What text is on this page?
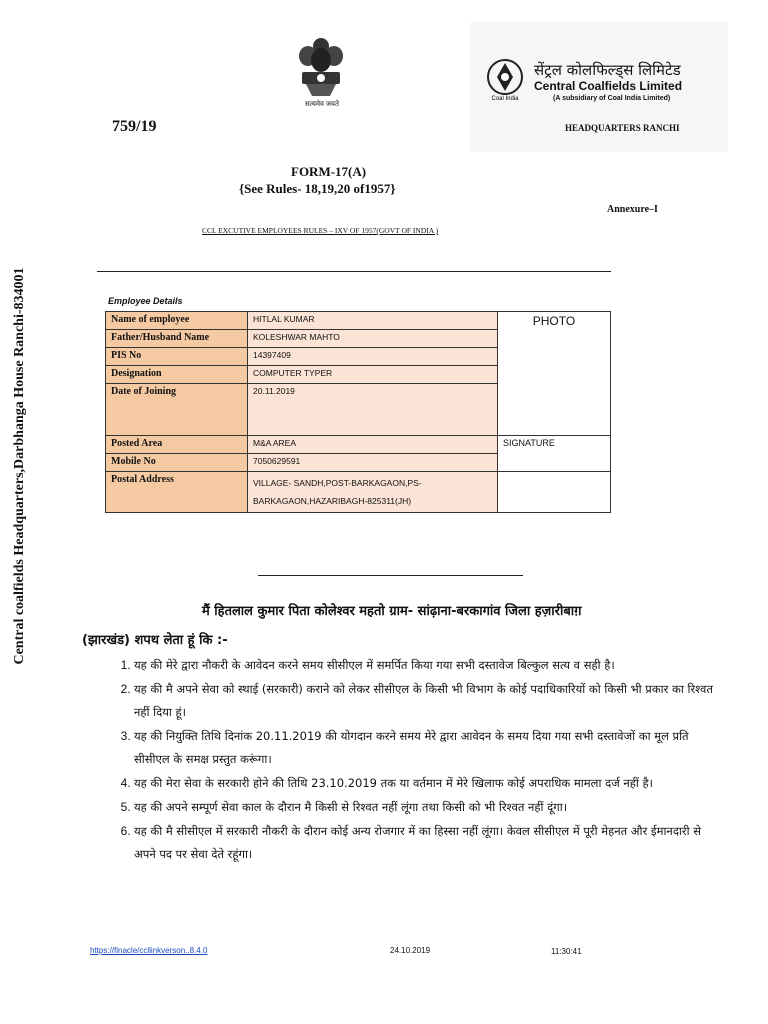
Central coalfields Headquarters,Darbhanga House Ranchi-834001
सत्यमेव जयते
759/19
Coal India
सेंट्रल कोलफिल्ड्स लिमिटेड
Central Coalfields Limited
(A subsidiary of Coal India Limited)
HEADQUARTERS RANCHI
FORM-17(A)
{See Rules- 18,19,20 of1957}
Annexure–I
CCL EXCUTIVE EMPLOYEES RULES – IXV OF 1957(GOVT OF INDIA )
Employee Details
Name of employee	HITLAL KUMAR	PHOTO
Father/Husband Name	KOLESHWAR MAHTO	
PIS No	14397409	
Designation	COMPUTER TYPER	
Date of Joining	20.11.2019	
Posted Area	M&A AREA	SIGNATURE
Mobile No	7050629591	
Postal Address	VILLAGE- SANDH,POST-BARKAGAON,PS- BARKAGAON,HAZARIBAGH-825311(JH)	
मैं हितलाल कुमार पिता कोलेश्वर महतो ग्राम- सांढ़ाना-बरकागांव जिला हज़ारीबाग़
(झारखंड) शपथ लेता हूं कि :-
1. यह की मेरे द्वारा नौकरी के आवेदन करने समय सीसीएल में समर्पित किया गया सभी दस्तावेज बिल्कुल सत्य व सही है।
2. यह की मै अपने सेवा को स्थाई (सरकारी) कराने को लेकर सीसीएल के किसी भी विभाग के कोई पदाधिकारियों को किसी भी प्रकार का रिश्वत नहीं दिया हूं।
3. यह की नियुक्ति तिथि दिनांक 20.11.2019 की योगदान करने समय मेरे द्वारा आवेदन के समय दिया गया सभी दस्तावेजों का मूल प्रति सीसीएल के समक्ष प्रस्तुत करूंगा।
4. यह की मेरा सेवा के सरकारी होने की तिथि 23.10.2019 तक या वर्तमान में मेरे खिलाफ कोई अपराधिक मामला दर्ज नहीं है।
5. यह की अपने सम्पूर्ण सेवा काल के दौरान मै किसी से रिश्वत नहीं लूंगा तथा किसी को भी रिश्वत नहीं दूंगा।
6. यह की मै सीसीएल में सरकारी नौकरी के दौरान कोई अन्य रोजगार में का हिस्सा नहीं लूंगा। केवल सीसीएल में पूरी मेहनत और ईमानदारी से अपने पद पर सेवा देते रहूंगा।
https://finacle/ccllinkverson..8.4.0	24.10.2019	11:30:41
